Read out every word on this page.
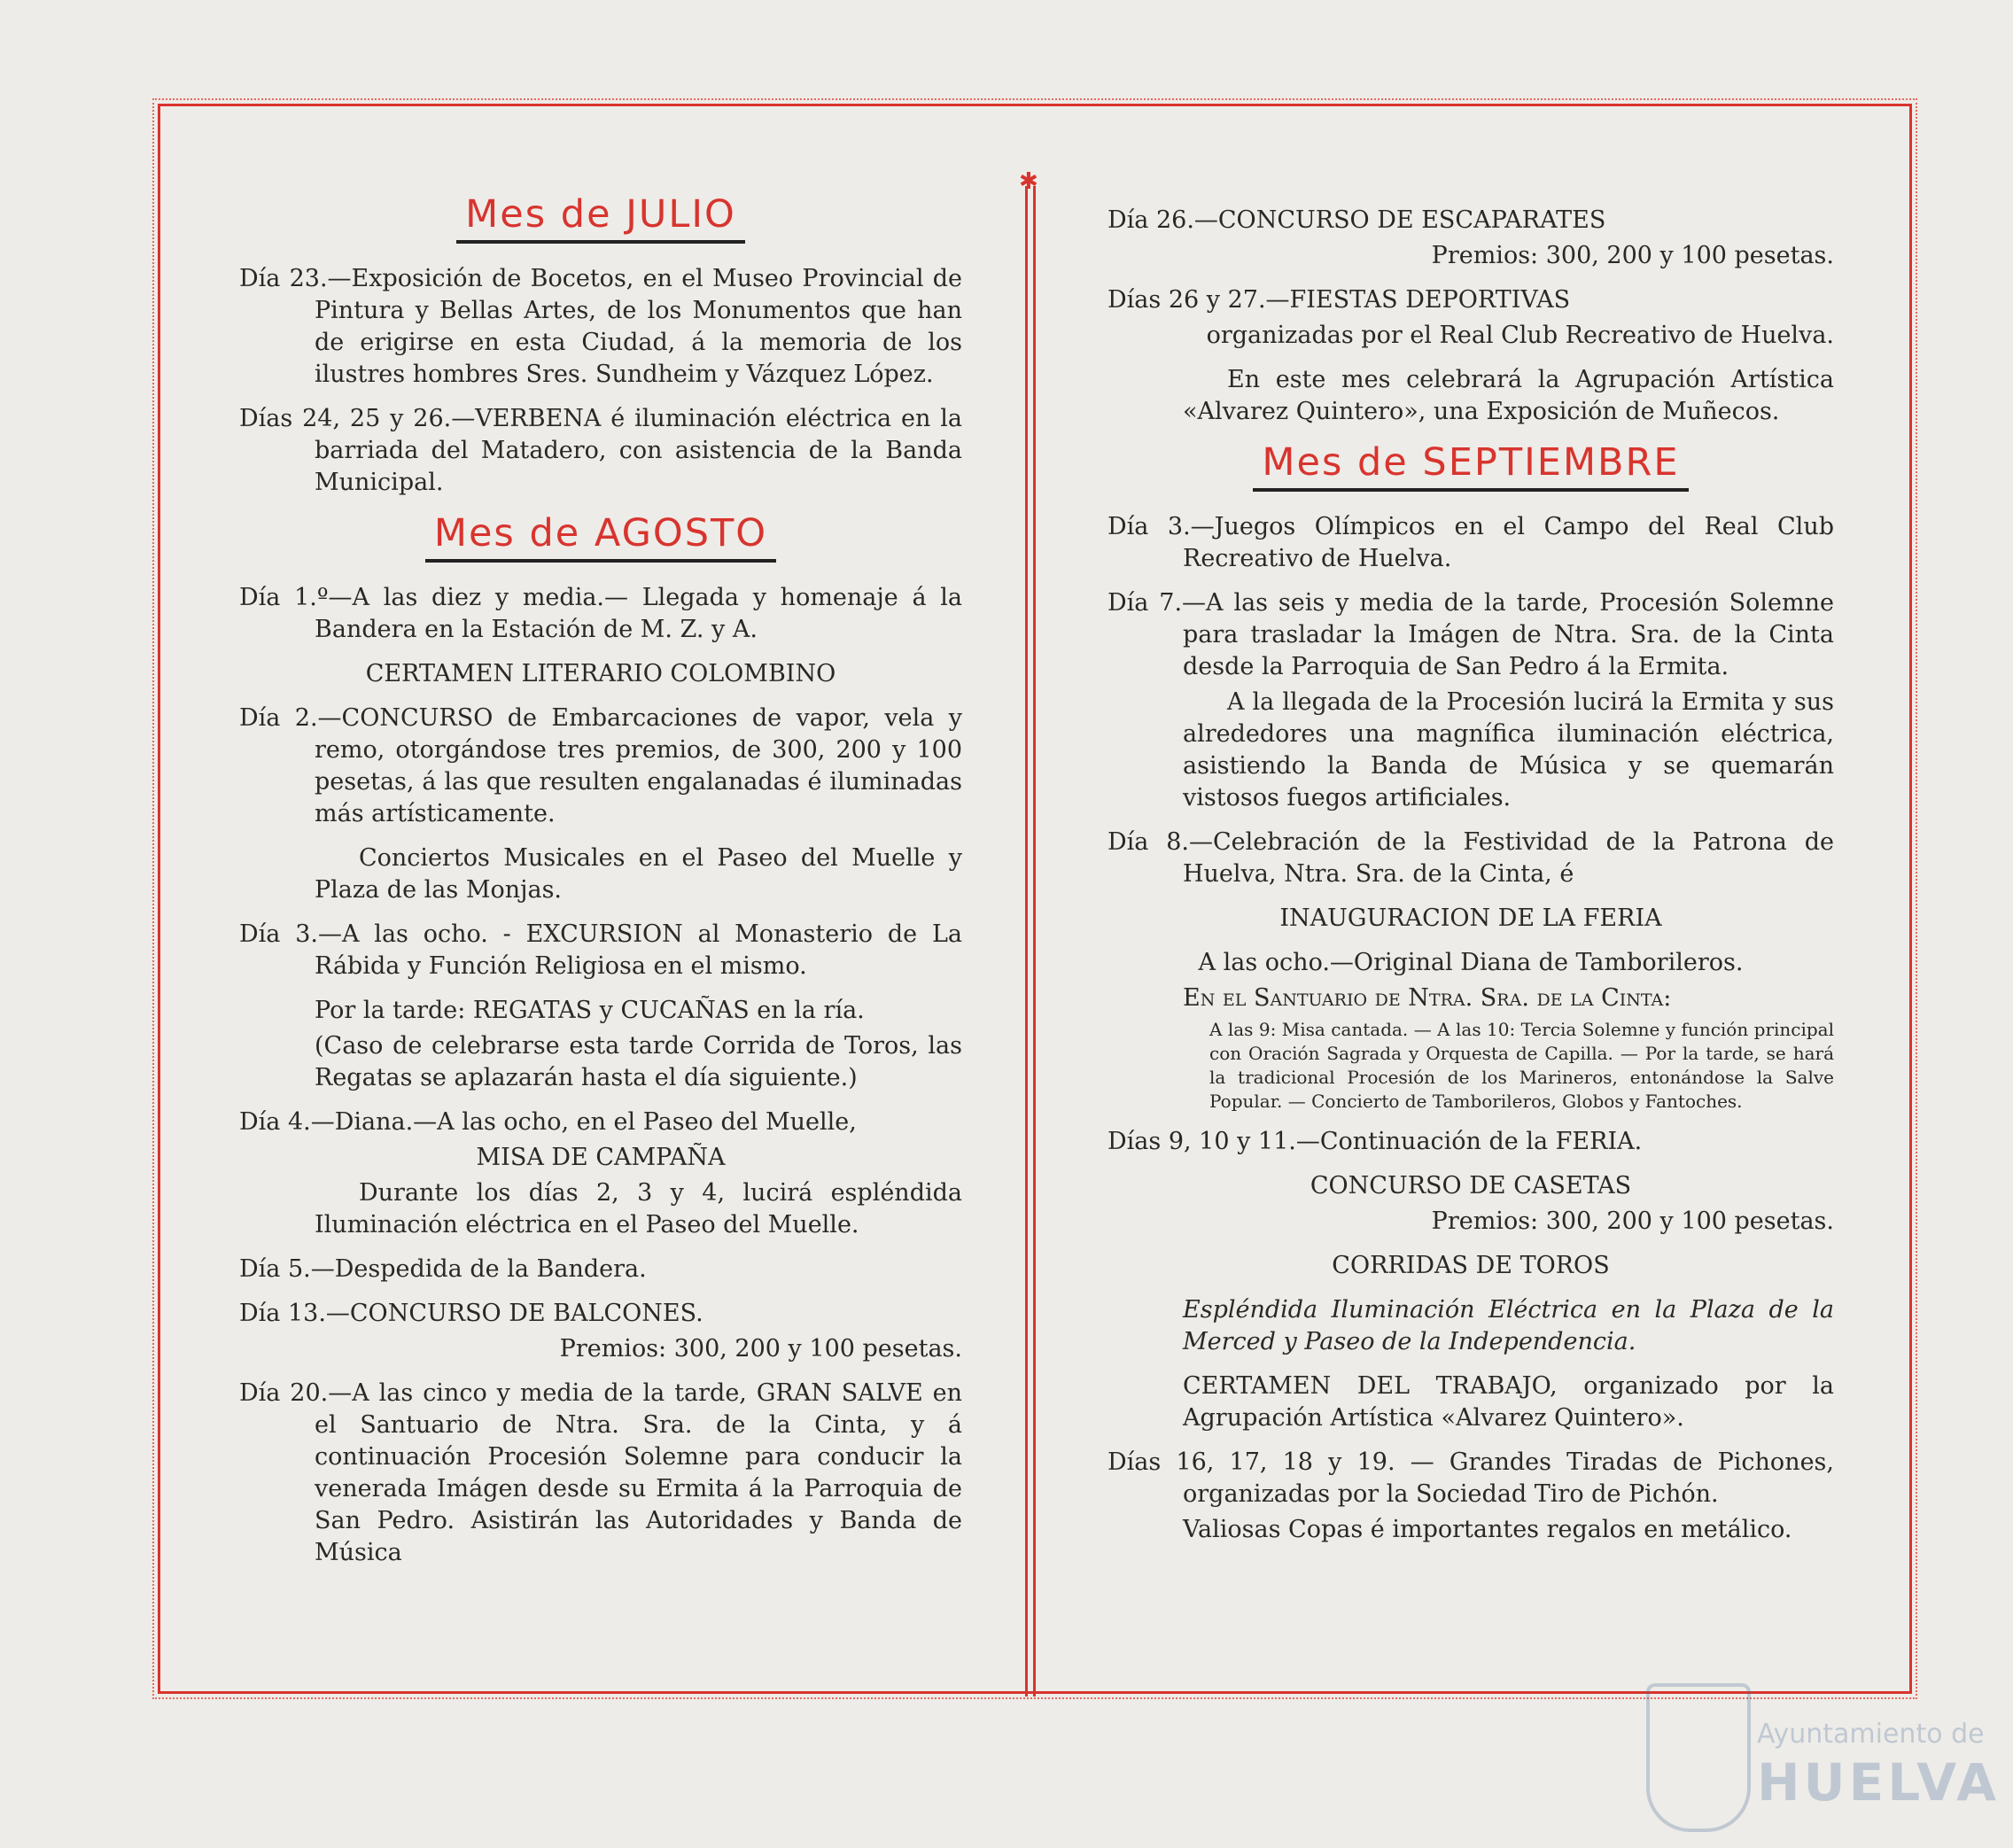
✱
Mes de JULIO
Día 23.—Exposición de Bocetos, en el Museo Provincial de Pintura y Bellas Artes, de los Monumentos que han de erigirse en esta Ciudad, á la memoria de los ilustres hombres Sres. Sundheim y Vázquez López.
Días 24, 25 y 26.—VERBENA é iluminación eléctrica en la barriada del Matadero, con asistencia de la Banda Municipal.
Mes de AGOSTO
Día 1.º—A las diez y media.— Llegada y homenaje á la Bandera en la Estación de M. Z. y A.
CERTAMEN LITERARIO COLOMBINO
Día 2.—CONCURSO de Embarcaciones de vapor, vela y remo, otorgándose tres premios, de 300, 200 y 100 pesetas, á las que resulten engalanadas é iluminadas más artísticamente.
Conciertos Musicales en el Paseo del Muelle y Plaza de las Monjas.
Día 3.—A las ocho. - EXCURSION al Monasterio de La Rábida y Función Religiosa en el mismo.
Por la tarde: REGATAS y CUCAÑAS en la ría.
(Caso de celebrarse esta tarde Corrida de Toros, las Regatas se aplazarán hasta el día siguiente.)
Día 4.—Diana.—A las ocho, en el Paseo del Muelle,
MISA DE CAMPAÑA
Durante los días 2, 3 y 4, lucirá espléndida Iluminación eléctrica en el Paseo del Muelle.
Día 5.—Despedida de la Bandera.
Día 13.—CONCURSO DE BALCONES.
Premios: 300, 200 y 100 pesetas.
Día 20.—A las cinco y media de la tarde, GRAN SALVE en el Santuario de Ntra. Sra. de la Cinta, y á continuación Procesión Solemne para conducir la venerada Imágen desde su Ermita á la Parroquia de San Pedro. Asistirán las Autoridades y Banda de Música
Día 26.—CONCURSO DE ESCAPARATES
Premios: 300, 200 y 100 pesetas.
Días 26 y 27.—FIESTAS DEPORTIVAS
organizadas por el Real Club Recreativo de Huelva.
En este mes celebrará la Agrupación Artística «Alvarez Quintero», una Exposición de Muñecos.
Mes de SEPTIEMBRE
Día 3.—Juegos Olímpicos en el Campo del Real Club Recreativo de Huelva.
Día 7.—A las seis y media de la tarde, Procesión Solemne para trasladar la Imágen de Ntra. Sra. de la Cinta desde la Parroquia de San Pedro á la Ermita.
A la llegada de la Procesión lucirá la Ermita y sus alrededores una magnífica iluminación eléctrica, asistiendo la Banda de Música y se quemarán vistosos fuegos artificiales.
Día 8.—Celebración de la Festividad de la Patrona de Huelva, Ntra. Sra. de la Cinta, é
INAUGURACION DE LA FERIA
A las ocho.—Original Diana de Tamborileros.
En el Santuario de Ntra. Sra. de la Cinta:
A las 9: Misa cantada. — A las 10: Tercia Solemne y función principal con Oración Sagrada y Orquesta de Capilla. — Por la tarde, se hará la tradicional Procesión de los Marineros, entonándose la Salve Popular. — Concierto de Tamborileros, Globos y Fantoches.
Días 9, 10 y 11.—Continuación de la FERIA.
CONCURSO DE CASETAS
Premios: 300, 200 y 100 pesetas.
CORRIDAS DE TOROS
Espléndida Iluminación Eléctrica en la Plaza de la Merced y Paseo de la Independencia.
CERTAMEN DEL TRABAJO, organizado por la Agrupación Artística «Alvarez Quintero».
Días 16, 17, 18 y 19. — Grandes Tiradas de Pichones, organizadas por la Sociedad Tiro de Pichón.
Valiosas Copas é importantes regalos en metálico.
Ayuntamiento de
HUELVA
